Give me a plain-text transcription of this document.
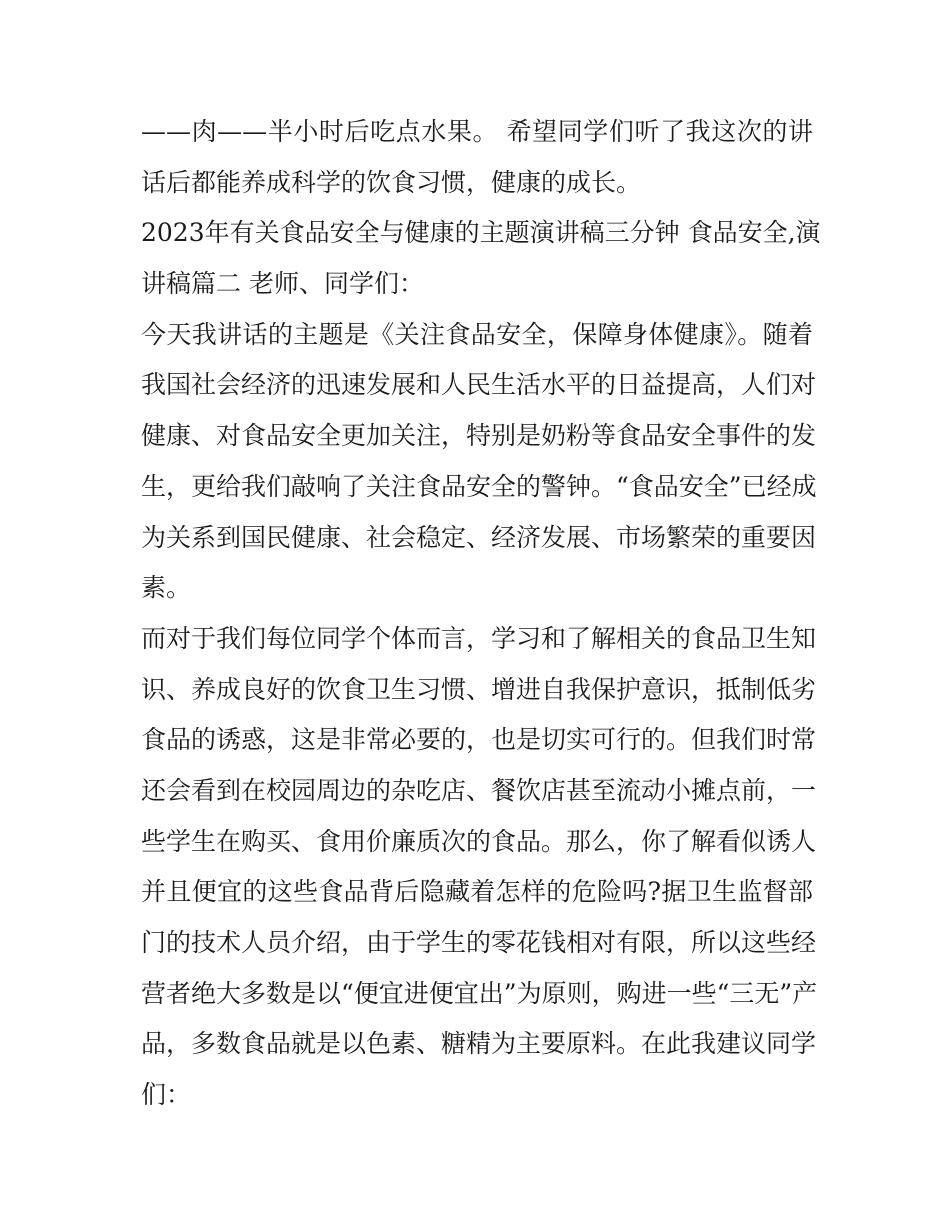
——肉——半小时后吃点水果。 希望同学们听了我这次的讲
话后都能养成科学的饮食习惯，健康的成长。
2023年有关食品安全与健康的主题演讲稿三分钟 食品安全,演
讲稿篇二 老师、同学们：
今天我讲话的主题是《关注食品安全，保障身体健康》。随着
我国社会经济的迅速发展和人民生活水平的日益提高，人们对
健康、对食品安全更加关注，特别是奶粉等食品安全事件的发
生，更给我们敲响了关注食品安全的警钟。“食品安全”已经成
为关系到国民健康、社会稳定、经济发展、市场繁荣的重要因
素。
而对于我们每位同学个体而言，学习和了解相关的食品卫生知
识、养成良好的饮食卫生习惯、增进自我保护意识，抵制低劣
食品的诱惑，这是非常必要的，也是切实可行的。但我们时常
还会看到在校园周边的杂吃店、餐饮店甚至流动小摊点前，一
些学生在购买、食用价廉质次的食品。那么，你了解看似诱人
并且便宜的这些食品背后隐藏着怎样的危险吗?据卫生监督部
门的技术人员介绍，由于学生的零花钱相对有限，所以这些经
营者绝大多数是以“便宜进便宜出”为原则，购进一些“三无”产
品，多数食品就是以色素、糖精为主要原料。在此我建议同学
们：
